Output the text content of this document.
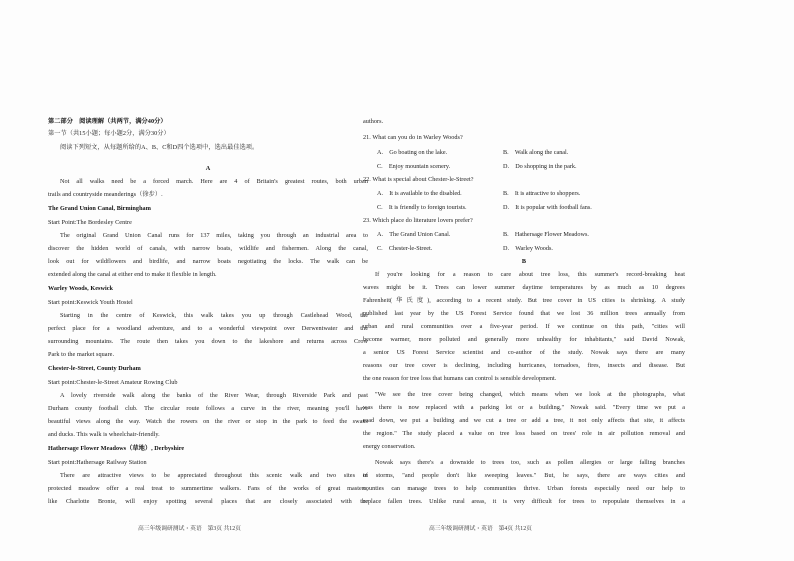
第二部分　阅读理解（共两节，满分40分）
第一节（共15小题；每小题2分，满分30分）
阅读下列短文，从每题所给的A、B、C和D四个选项中，选出最佳选项。
A
Not all walks need be a forced march. Here are 4 of Britain's greatest routes, both urban
trails and countryside meanderings（徐步）.
The Grand Union Canal, Birmingham
Start Point:The Bordesley Centre
The original Grand Union Canal runs for 137 miles, taking you through an industrial area to
discover the hidden world of canals, with narrow boats, wildlife and fishermen. Along the canal,
look out for wildflowers and birdlife, and narrow boats negotiating the locks. The walk can be
extended along the canal at either end to make it flexible in length.
Warley Woods, Keswick
Start point:Keswick Youth Hostel
Starting in the centre of Keswick, this walk takes you up through Castlehead Wood, the
perfect place for a woodland adventure, and to a wonderful viewpoint over Derwentwater and the
surrounding mountains. The route then takes you down to the lakeshore and returns across Crow
Park to the market square.
Chester-le-Street, County Durham
Start point:Chester-le-Street Amateur Rowing Club
A lovely riverside walk along the banks of the River Wear, through Riverside Park and past
Durham county football club. The circular route follows a curve in the river, meaning you'll have
beautiful views along the way. Watch the rowers on the river or stop in the park to feed the swans
and ducks. This walk is wheelchair-friendly.
Hathersage Flower Meadows（草地）, Derbyshire
Start point:Hathersage Railway Station
There are attractive views to be appreciated throughout this scenic walk and two sites of
protected meadow offer a real treat to summertime walkers. Fans of the works of great masters,
like Charlotte Bronte, will enjoy spotting several places that are closely associated with the
高三年级调研测试・英语　第3页 共12页
authors.
21. What can you do in Warley Woods?
A.　Go boating on the lake.	B.　Walk along the canal.
C.　Enjoy mountain scenery.	D.　Do shopping in the park.
22. What is special about Chester-le-Street?
A.　It is available to the disabled.	B.　It is attractive to shoppers.
C.　It is friendly to foreign tourists.	D.　It is popular with football fans.
23. Which place do literature lovers prefer?
A.　The Grand Union Canal.	B.　Hathersage Flower Meadows.
C.　Chester-le-Street.	D.　Warley Woods.
B
If you're looking for a reason to care about tree loss, this summer's record-breaking heat
waves might be it. Trees can lower summer daytime temperatures by as much as 10 degrees
Fahrenheit(华氏度), according to a recent study. But tree cover in US cities is shrinking. A study
published last year by the US Forest Service found that we lost 36 million trees annually from
urban and rural communities over a five-year period. If we continue on this path, "cities will
become warmer, more polluted and generally more unhealthy for inhabitants," said David Nowak,
a senior US Forest Service scientist and co-author of the study. Nowak says there are many
reasons our tree cover is declining, including hurricanes, tornadoes, fires, insects and disease. But
the one reason for tree loss that humans can control is sensible development.
"We see the tree cover being changed, which means when we look at the photographs, what
was there is now replaced with a parking lot or a building," Nowak said. "Every time we put a
road down, we put a building and we cut a tree or add a tree, it not only affects that site, it affects
the region." The study placed a value on tree loss based on trees' role in air pollution removal and
energy conservation.
Nowak says there's a downside to trees too, such as pollen allergies or large falling branches
in storms, "and people don't like sweeping leaves." But, he says, there are ways cities and
counties can manage trees to help communities thrive. Urban forests especially need our help to
replace fallen trees. Unlike rural areas, it is very difficult for trees to repopulate themselves in a
高三年级调研测试・英语　第4页 共12页
